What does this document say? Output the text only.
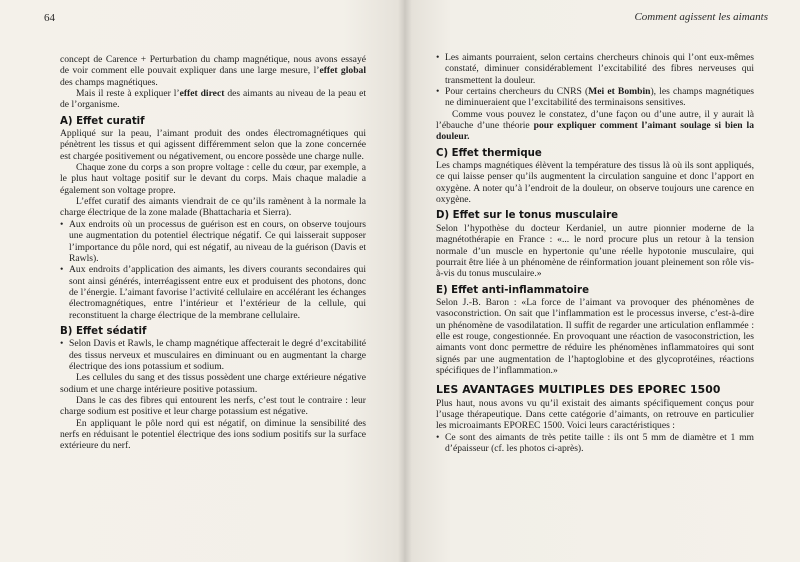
64

concept de Carence + Perturbation du champ magnétique, nous avons essayé de voir comment elle pouvait expliquer dans une large mesure, l’effet global des champs magnétiques.

Mais il reste à expliquer l’effet direct des aimants au niveau de la peau et de l’organisme.

A) Effet curatif

Appliqué sur la peau, l’aimant produit des ondes électromagnétiques qui pénètrent les tissus et qui agissent différemment selon que la zone concernée est chargée positivement ou négativement, ou encore possède une charge nulle.

Chaque zone du corps a son propre voltage : celle du cœur, par exemple, a le plus haut voltage positif sur le devant du corps. Mais chaque maladie a également son voltage propre.

L’effet curatif des aimants viendrait de ce qu’ils ramènent à la normale la charge électrique de la zone malade (Bhattacharia et Sierra).

•
Aux endroits où un processus de guérison est en cours, on observe toujours une augmentation du potentiel électrique négatif. Ce qui laisserait supposer l’importance du pôle nord, qui est négatif, au niveau de la guérison (Davis et Rawls).

•
Aux endroits d’application des aimants, les divers courants secondaires qui sont ainsi générés, interréagissent entre eux et produisent des photons, donc de l’énergie. L’aimant favorise l’activité cellulaire en accélérant les échanges électromagnétiques, entre l’intérieur et l’extérieur de la cellule, qui reconstituent la charge électrique de la membrane cellulaire.

B) Effet sédatif

•
Selon Davis et Rawls, le champ magnétique affecterait le degré d’excitabilité des tissus nerveux et musculaires en diminuant ou en augmentant la charge électrique des ions potassium et sodium.

Les cellules du sang et des tissus possèdent une charge extérieure négative sodium et une charge intérieure positive potassium.

Dans le cas des fibres qui entourent les nerfs, c’est tout le contraire : leur charge sodium est positive et leur charge potassium est négative.

En appliquant le pôle nord qui est négatif, on diminue la sensibilité des nerfs en réduisant le potentiel électrique des ions sodium positifs sur la surface extérieure du nerf.

Comment agissent les aimants

•
Les aimants pourraient, selon certains chercheurs chinois qui l’ont eux-mêmes constaté, diminuer considérablement l’excitabilité des fibres nerveuses qui transmettent la douleur.

•
Pour certains chercheurs du CNRS (Mei et Bombin), les champs magnétiques ne diminueraient que l’excitabilité des terminaisons sensitives.

Comme vous pouvez le constatez, d’une façon ou d’une autre, il y aurait là l’ébauche d’une théorie pour expliquer comment l’aimant soulage si bien la douleur.

C) Effet thermique

Les champs magnétiques élèvent la température des tissus là où ils sont appliqués, ce qui laisse penser qu’ils augmentent la circulation sanguine et donc l’apport en oxygène. A noter qu’à l’endroit de la douleur, on observe toujours une carence en oxygène.

D) Effet sur le tonus musculaire

Selon l’hypothèse du docteur Kerdaniel, un autre pionnier moderne de la magnétothérapie en France : «... le nord procure plus un retour à la tension normale d’un muscle en hypertonie qu’une réelle hypotonie musculaire, qui pourrait être liée à un phénomène de réinformation jouant pleinement son rôle vis-à-vis du tonus musculaire.»

E) Effet anti-inflammatoire

Selon J.-B. Baron : «La force de l’aimant va provoquer des phénomènes de vasoconstriction. On sait que l’inflammation est le processus inverse, c’est-à-dire un phénomène de vasodilatation. Il suffit de regarder une articulation enflammée : elle est rouge, congestionnée. En provoquant une réaction de vasoconstriction, les aimants vont donc permettre de réduire les phénomènes inflammatoires qui sont signés par une augmentation de l’haptoglobine et des glycoprotéines, réactions spécifiques de l’inflammation.»

LES AVANTAGES MULTIPLES DES EPOREC 1500

Plus haut, nous avons vu qu’il existait des aimants spécifiquement conçus pour l’usage thérapeutique. Dans cette catégorie d’aimants, on retrouve en particulier les microaimants EPOREC 1500. Voici leurs caractéristiques :

•
Ce sont des aimants de très petite taille : ils ont 5 mm de diamètre et 1 mm d’épaisseur (cf. les photos ci-après).
